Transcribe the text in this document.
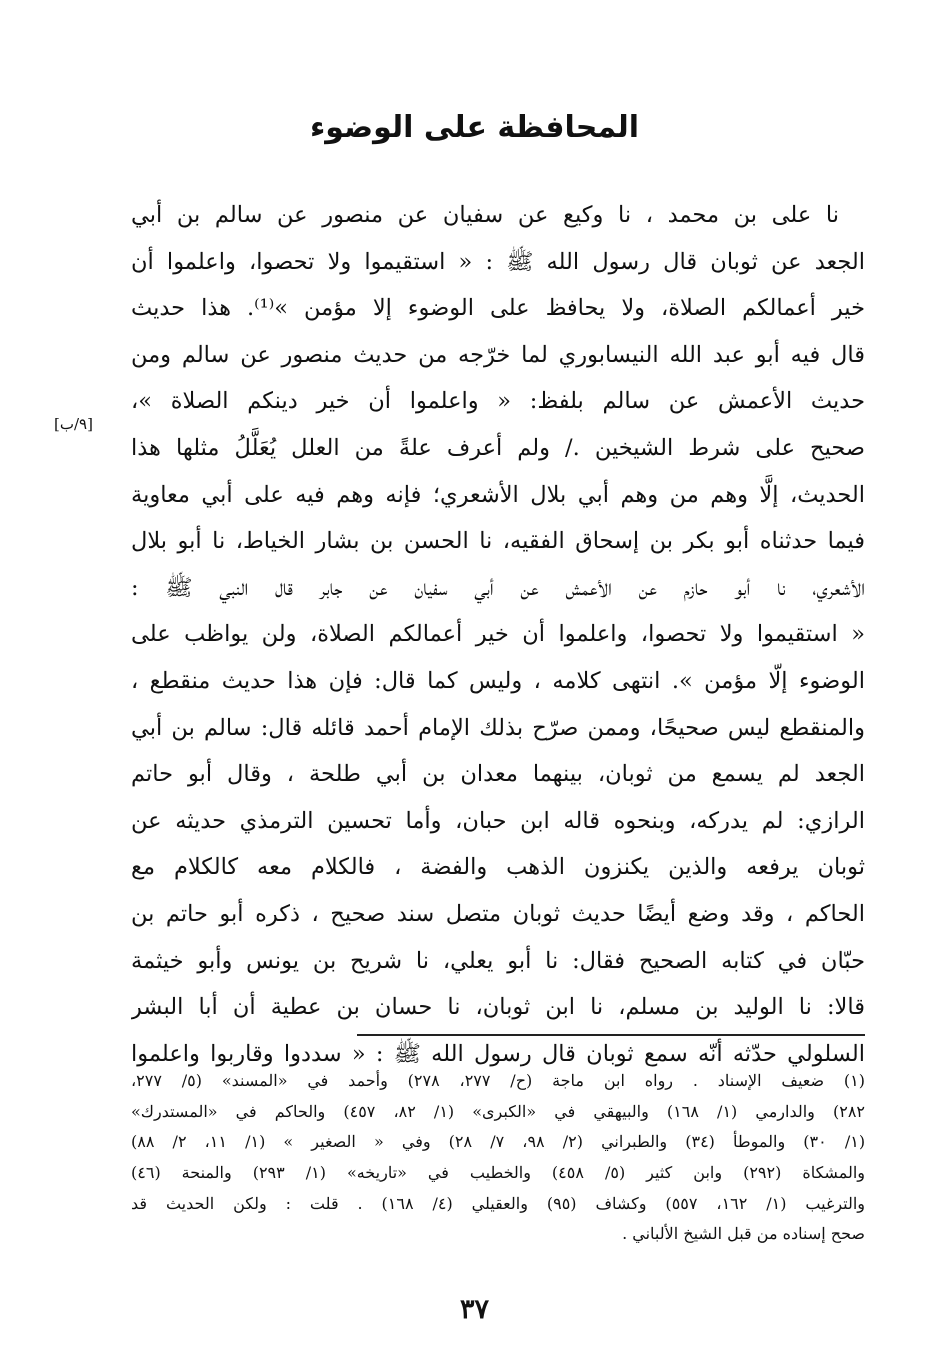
المحافظة على الوضوء
[٩/ب]
نا على بن محمد ، نا وكيع عن سفيان عن منصور عن سالم بن أبي
الجعد عن ثوبان قال رسول الله ﷺ : « استقيموا ولا تحصوا، واعلموا أن
خير أعمالكم الصلاة، ولا يحافظ على الوضوء إلا مؤمن »⁽¹⁾. هذا حديث
قال فيه أبو عبد الله النيسابوري لما خرّجه من حديث منصور عن سالم ومن
حديث الأعمش عن سالم بلفظ: « واعلموا أن خير دينكم الصلاة »،
صحيح على شرط الشيخين ./ ولم أعرف علةً من العلل يُعَلَّلُ مثلها هذا
الحديث، إلَّا وهم من وهم أبي بلال الأشعري؛ فإنه وهم فيه على أبي معاوية
فيما حدثناه أبو بكر بن إسحاق الفقيه، نا الحسن بن بشار الخياط، نا أبو بلال
الأشعري، نا أبو حازم عن الأعمش عن أبي سفيان عن جابر قال النبي ﷺ :
« استقيموا ولا تحصوا، واعلموا أن خير أعمالكم الصلاة، ولن يواظب على
الوضوء إلّا مؤمن ». انتهى كلامه ، وليس كما قال: فإن هذا حديث منقطع ،
والمنقطع ليس صحيحًا، وممن صرّح بذلك الإمام أحمد قائله قال: سالم بن أبي
الجعد لم يسمع من ثوبان، بينهما معدان بن أبي طلحة ، وقال أبو حاتم
الرازي: لم يدركه، وبنحوه قاله ابن حبان، وأما تحسين الترمذي حديثه عن
ثوبان يرفعه والذين يكنزون الذهب والفضة ، فالكلام معه كالكلام مع
الحاكم ، وقد وضع أيضًا حديث ثوبان متصل سند صحيح ، ذكره أبو حاتم بن
حبّان في كتابه الصحيح فقال: نا أبو يعلي، نا شريح بن يونس وأبو خيثمة
قالا: نا الوليد بن مسلم، نا ابن ثوبان، نا حسان بن عطية أن أبا البشر
السلولي حدّثه أنّه سمع ثوبان قال رسول الله ﷺ : « سددوا وقاربوا واعلموا
(١) ضعيف الإسناد . رواه ابن ماجة (ح/ ٢٧٧، ٢٧٨) وأحمد في «المسند» (٥/ ٢٧٧،
٢٨٢) والدارمي (١/ ١٦٨) والبيهقي في «الكبرى» (١/ ٨٢، ٤٥٧) والحاكم في «المستدرك»
(١/ ٣٠) والموطأ (٣٤) والطبراني (٢/ ٩٨، ٧/ ٢٨) وفي « الصغير » (١/ ١١، ٢/ ٨٨)
والمشكاة (٢٩٢) وابن كثير (٥/ ٤٥٨) والخطيب في «تاريخه» (١/ ٢٩٣) والمنحة (٤٦)
والترغيب (١/ ١٦٢، ٥٥٧) وكشاف (٩٥) والعقيلي (٤/ ١٦٨) . قلت : ولكن الحديث قد
صحح إسناده من قبل الشيخ الألباني .
٣٧
